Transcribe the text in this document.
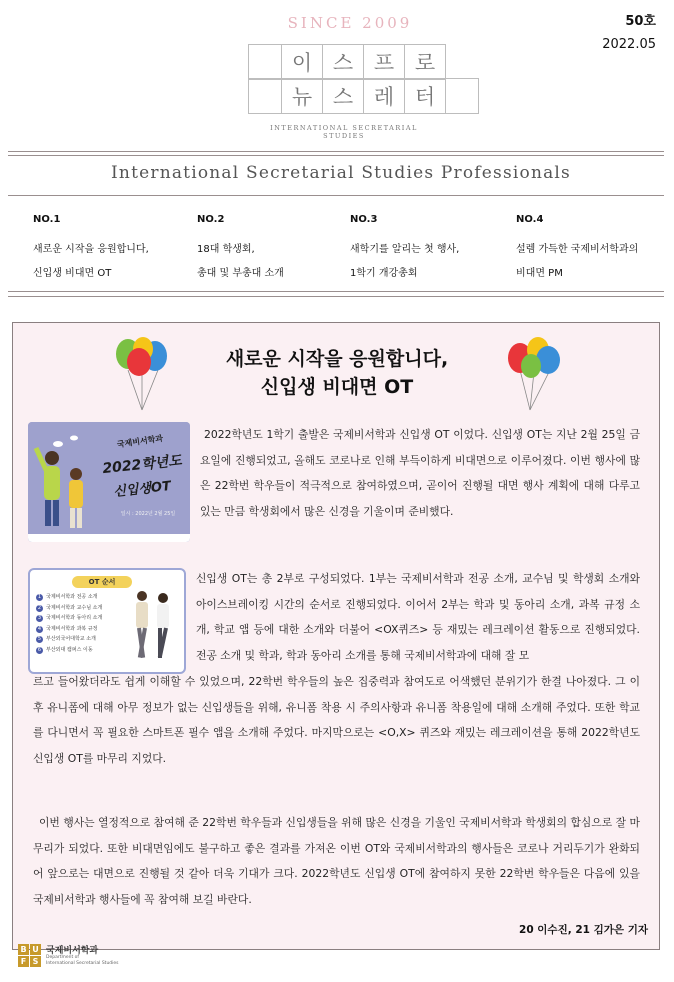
SINCE 2009
이 스 프 로
뉴 스 레 터
INTERNATIONAL SECRETARIAL STUDIES
50호
2022.05
International Secretarial Studies Professionals
NO.1
새로운 시작을 응원합니다,
신입생 비대면 OT
NO.2
18대 학생회,
총대 및 부총대 소개
NO.3
새학기를 알리는 첫 행사,
1학기 개강총회
NO.4
설렘 가득한 국제비서학과의
비대면 PM
새로운 시작을 응원합니다,
신입생 비대면 OT
국제비서학과
2022학년도
신입생OT
일시 : 2022년 2월 25일

2022학년도 1학기 출발은 국제비서학과 신입생 OT 이었다. 신입생 OT는 지난 2월 25일 금요일에 진행되었고, 올해도 코로나로 인해 부득이하게 비대면으로 이루어졌다. 이번 행사에 많은 22학번 학우들이 적극적으로 참여하였으며, 곧이어 진행될 대면 행사 계획에 대해 다루고 있는 만큼 학생회에서 많은 신경을 기울이며 준비했다.

OT 순서
1 국제비서학과 전공 소개
2 국제비서학과 교수님 소개
3 국제비서학과 동아리 소개
4 국제비서학과 과복 규정
5 부산외국어대학교 소개
6 부산외대 캠퍼스 이동

신입생 OT는 총 2부로 구성되었다. 1부는 국제비서학과 전공 소개, 교수님 및 학생회 소개와 아이스브레이킹 시간의 순서로 진행되었다. 이어서 2부는 학과 및 동아리 소개, 과복 규정 소개, 학교 앱 등에 대한 소개와 더불어 <OX퀴즈> 등 재밌는 레크레이션 활동으로 진행되었다. 전공 소개 및 학과, 학과 동아리 소개를 통해 국제비서학과에 대해 잘 모

르고 들어왔더라도 쉽게 이해할 수 있었으며, 22학번 학우들의 높은 집중력과 참여도로 어색했던 분위기가 한결 나아졌다. 그 이후 유니폼에 대해 아무 정보가 없는 신입생들을 위해, 유니폼 착용 시 주의사항과 유니폼 착용일에 대해 소개해 주었다. 또한 학교를 다니면서 꼭 필요한 스마트폰 필수 앱을 소개해 주었다. 마지막으로는 <O,X> 퀴즈와 재밌는 레크레이션을 통해 2022학년도 신입생 OT를 마무리 지었다.

이번 행사는 열정적으로 참여해 준 22학번 학우들과 신입생들을 위해 많은 신경을 기울인 국제비서학과 학생회의 합심으로 잘 마무리가 되었다. 또한 비대면임에도 불구하고 좋은 결과를 가져온 이번 OT와 국제비서학과의 행사들은 코로나 거리두기가 완화되어 앞으로는 대면으로 진행될 것 같아 더욱 기대가 크다. 2022학년도 신입생 OT에 참여하지 못한 22학번 학우들은 다음에 있을 국제비서학과 행사들에 꼭 참여해 보길 바란다.

20 이수진, 21 김가은 기자
B U
F S
국제비서학과
Department of
International Secretarial Studies
